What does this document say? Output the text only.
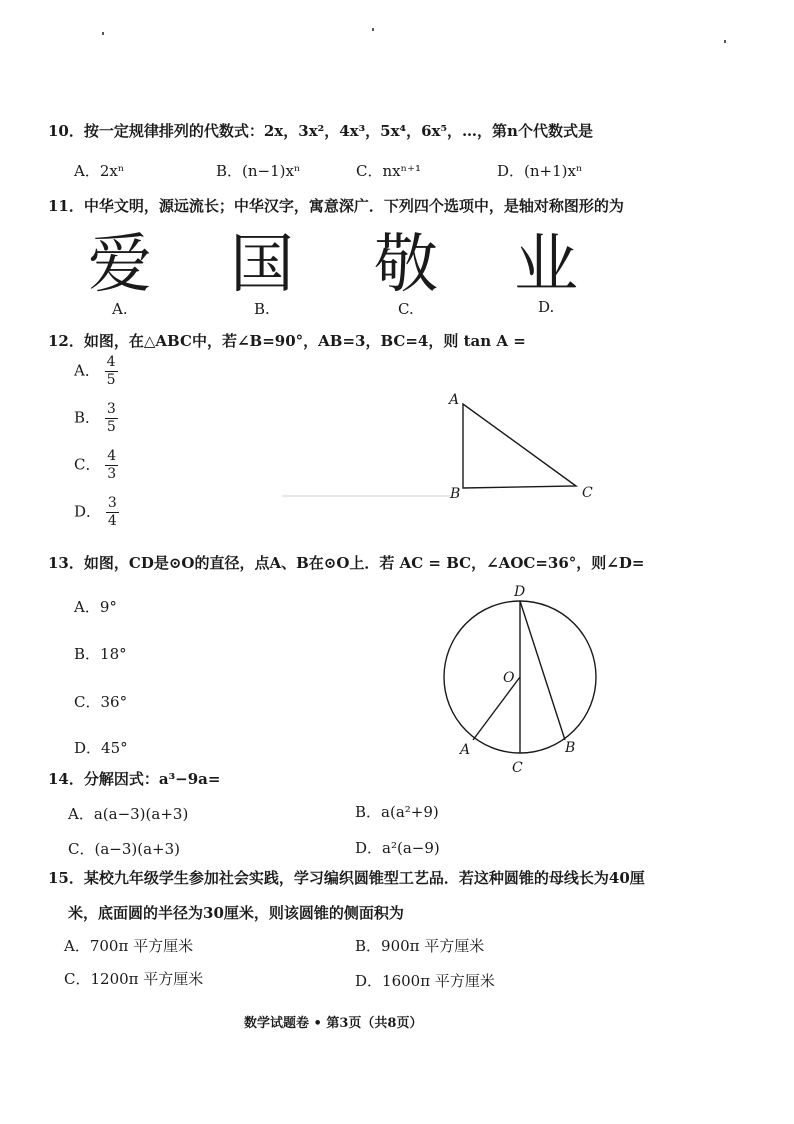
10．按一定规律排列的代数式：2x，3x²，4x³，5x⁴，6x⁵，…，第n个代数式是
A．2xⁿ	B．(n−1)xⁿ	C．nxⁿ⁺¹	D．(n+1)xⁿ
11．中华文明，源远流长；中华汉字，寓意深广．下列四个选项中，是轴对称图形的为
爱 国 敬 业
A.	B.	C.	D.
12．如图，在△ABC中，若∠B=90°，AB=3，BC=4，则 tan A =
A． $\frac{4}{5}$
B． $\frac{3}{5}$
C． $\frac{4}{3}$
D． $\frac{3}{4}$
A
B	C
13．如图，CD是⊙O的直径，点A、B在⊙O上．若 AC = BC，∠AOC=36°，则∠D=
A．9°
B．18°
C．36°
D．45°
D
O
A	B
C
14．分解因式：a³−9a=
A．a(a−3)(a+3)	B．a(a²+9)
C．(a−3)(a+3)	D．a²(a−9)
15．某校九年级学生参加社会实践，学习编织圆锥型工艺品．若这种圆锥的母线长为40厘
米，底面圆的半径为30厘米，则该圆锥的侧面积为
A．700π 平方厘米	B．900π 平方厘米
C．1200π 平方厘米	D．1600π 平方厘米
数学试题卷 • 第3页（共8页）
